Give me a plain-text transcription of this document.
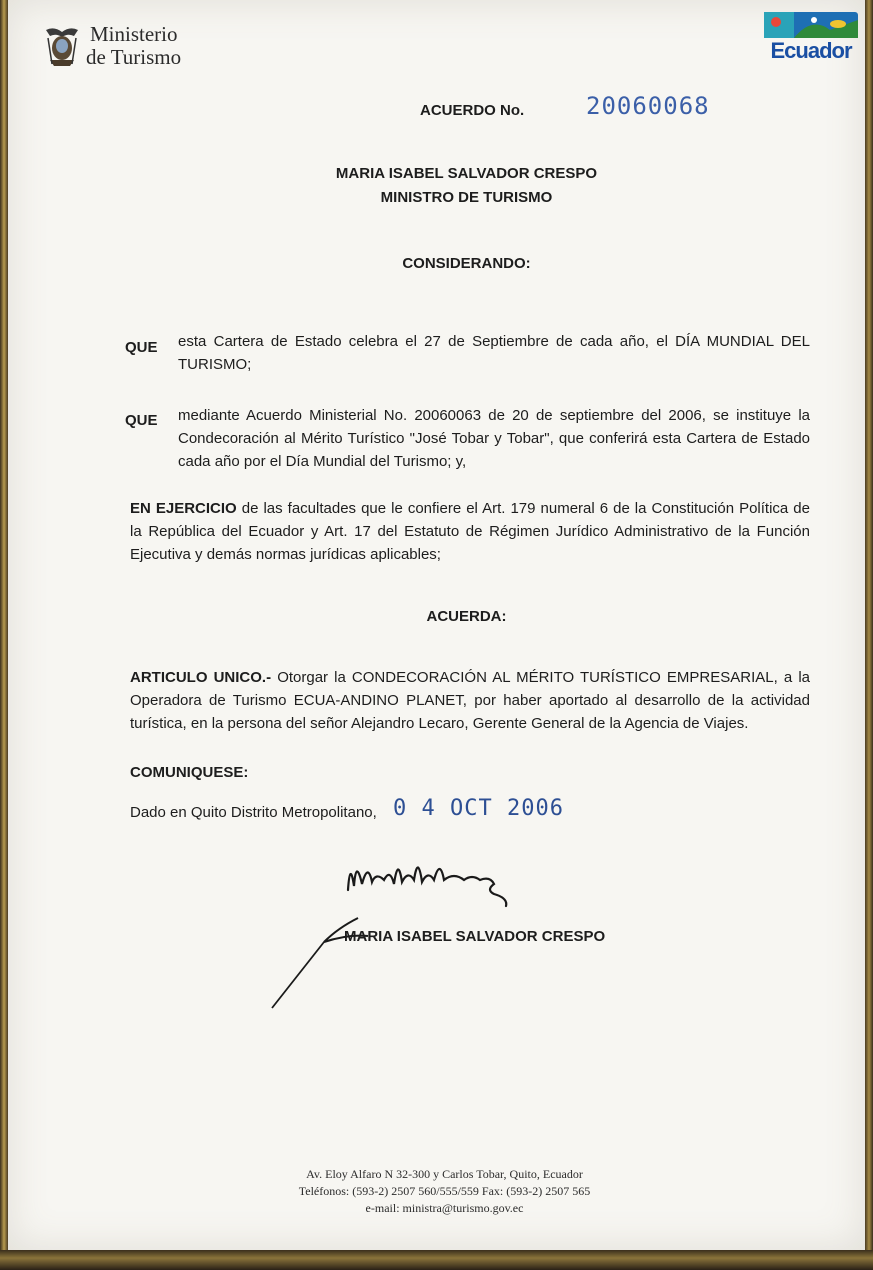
Ministerio
de Turismo	Ecuador
ACUERDO No.	20060068
MARIA ISABEL SALVADOR CRESPO
MINISTRO DE TURISMO
CONSIDERANDO:
QUE esta Cartera de Estado celebra el 27 de Septiembre de cada año, el DÍA MUNDIAL DEL TURISMO;
QUE mediante Acuerdo Ministerial No. 20060063 de 20 de septiembre del 2006, se instituye la Condecoración al Mérito Turístico "José Tobar y Tobar", que conferirá esta Cartera de Estado cada año por el Día Mundial del Turismo; y,
EN EJERCICIO de las facultades que le confiere el Art. 179 numeral 6 de la Constitución Política de la República del Ecuador y Art. 17 del Estatuto de Régimen Jurídico Administrativo de la Función Ejecutiva y demás normas jurídicas aplicables;
ACUERDA:
ARTICULO UNICO.- Otorgar la CONDECORACIÓN AL MÉRITO TURÍSTICO EMPRESARIAL, a la Operadora de Turismo ECUA-ANDINO PLANET, por haber aportado al desarrollo de la actividad turística, en la persona del señor Alejandro Lecaro, Gerente General de la Agencia de Viajes.
COMUNIQUESE:
Dado en Quito Distrito Metropolitano, 0 4 OCT 2006
MARIA ISABEL SALVADOR CRESPO
Av. Eloy Alfaro N 32-300 y Carlos Tobar, Quito, Ecuador
Teléfonos: (593-2) 2507 560/555/559 Fax: (593-2) 2507 565
e-mail: ministra@turismo.gov.ec
